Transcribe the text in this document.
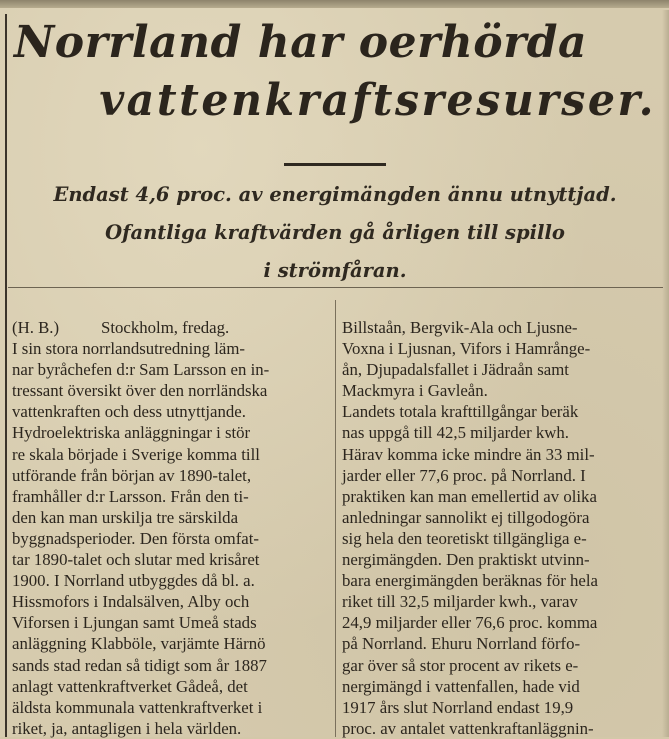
Norrland har oerhörda
vattenkraftsresurser.
Endast 4,6 proc. av energimängden ännu utnyttjad.
Ofantliga kraftvärden gå årligen till spillo
i strömfåran.
(H. B.)          Stockholm, fredag.
I sin stora norrlandsutredning läm-
nar byråchefen d:r Sam Larsson en in-
tressant översikt över den norrländska
vattenkraften och dess utnyttjande.
Hydroelektriska anläggningar i stör
re skala började i Sverige komma till
utförande från början av 1890-talet,
framhåller d:r Larsson. Från den ti-
den kan man urskilja tre särskilda
byggnadsperioder. Den första omfat-
tar 1890-talet och slutar med krisåret
1900. I Norrland utbyggdes då bl. a.
Hissmofors i Indalsälven, Alby och
Viforsen i Ljungan samt Umeå stads
anläggning Klabböle, varjämte Härnö
sands stad redan så tidigt som år 1887
anlagt vattenkraftverket Gådeå, det
äldsta kommunala vattenkraftverket i
riket, ja, antagligen i hela världen.
Billstaån, Bergvik-Ala och Ljusne-
Voxna i Ljusnan, Vifors i Hamrånge-
ån, Djupadalsfallet i Jädraån samt
Mackmyra i Gavleån.
Landets totala krafttillgångar beräk
nas uppgå till 42,5 miljarder kwh.
Härav komma icke mindre än 33 mil-
jarder eller 77,6 proc. på Norrland. I
praktiken kan man emellertid av olika
anledningar sannolikt ej tillgodogöra
sig hela den teoretiskt tillgängliga e-
nergimängden. Den praktiskt utvinn-
bara energimängden beräknas för hela
riket till 32,5 miljarder kwh., varav
24,9 miljarder eller 76,6 proc. komma
på Norrland. Ehuru Norrland förfo-
gar över så stor procent av rikets e-
nergimängd i vattenfallen, hade vid
1917 års slut Norrland endast 19,9
proc. av antalet vattenkraftanläggnin-
